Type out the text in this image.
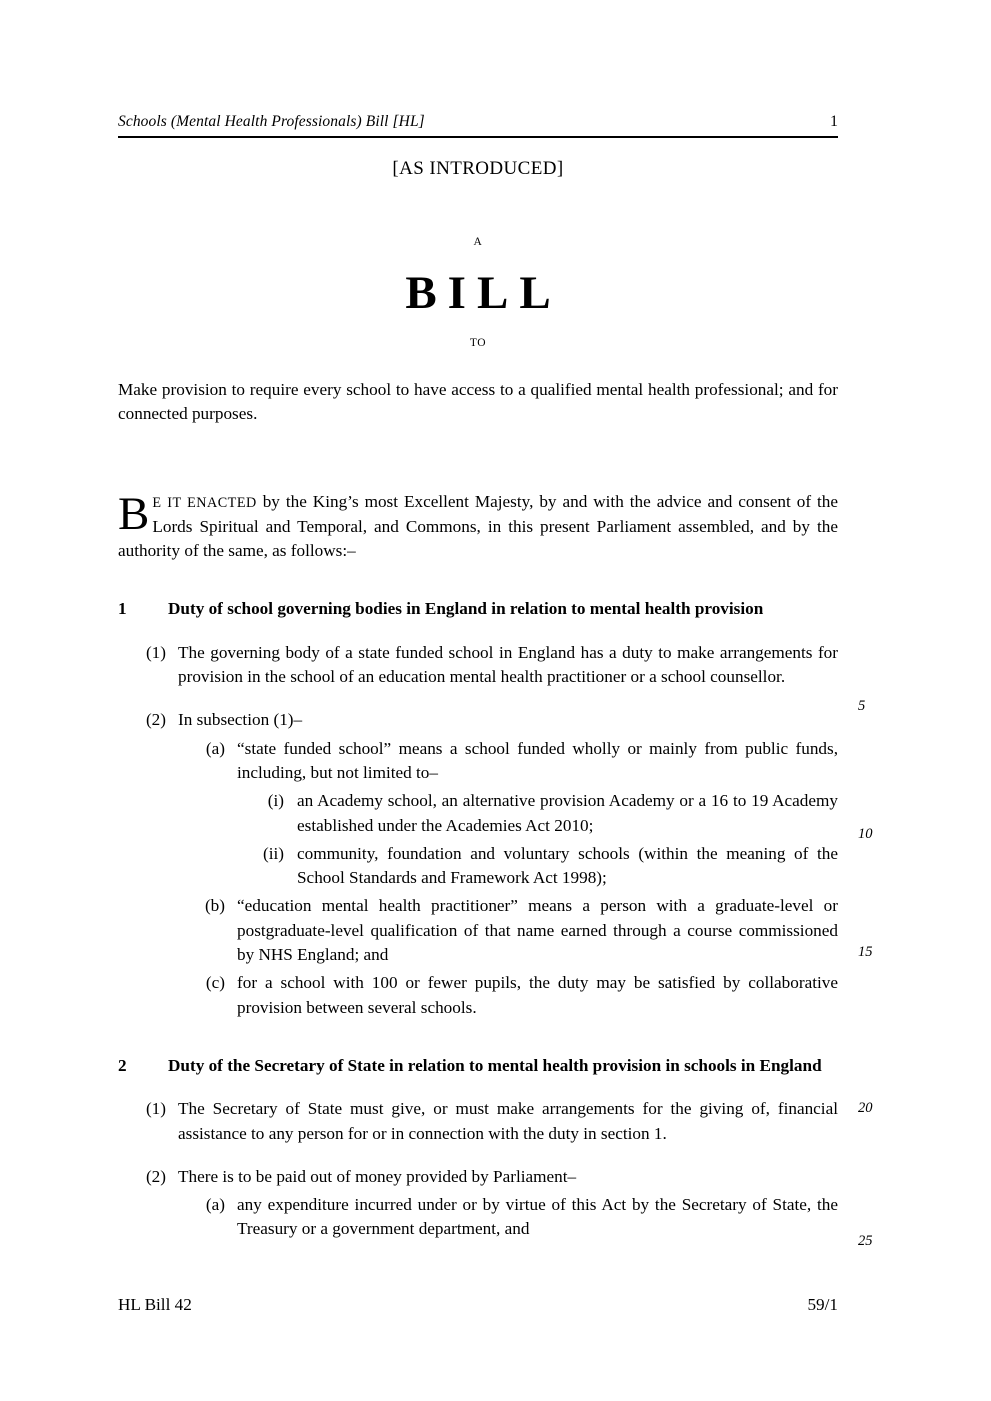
Schools (Mental Health Professionals) Bill [HL]	1
[AS INTRODUCED]
A
BILL
TO

Make provision to require every school to have access to a qualified mental health professional; and for connected purposes.

B E IT ENACTED by the King’s most Excellent Majesty, by and with the advice and consent of the Lords Spiritual and Temporal, and Commons, in this present Parliament assembled, and by the authority of the same, as follows:–

1	Duty of school governing bodies in England in relation to mental health provision
(1) The governing body of a state funded school in England has a duty to make arrangements for provision in the school of an education mental health practitioner or a school counsellor.
(2) In subsection (1)–
(a) “state funded school” means a school funded wholly or mainly from public funds, including, but not limited to–
(i) an Academy school, an alternative provision Academy or a 16 to 19 Academy established under the Academies Act 2010;
(ii) community, foundation and voluntary schools (within the meaning of the School Standards and Framework Act 1998);
(b) “education mental health practitioner” means a person with a graduate-level or postgraduate-level qualification of that name earned through a course commissioned by NHS England; and
(c) for a school with 100 or fewer pupils, the duty may be satisfied by collaborative provision between several schools.
2	Duty of the Secretary of State in relation to mental health provision in schools in England
(1) The Secretary of State must give, or must make arrangements for the giving of, financial assistance to any person for or in connection with the duty in section 1.
(2) There is to be paid out of money provided by Parliament–
(a) any expenditure incurred under or by virtue of this Act by the Secretary of State, the Treasury or a government department, and
5
10
15
20
25
HL Bill 42	59/1
